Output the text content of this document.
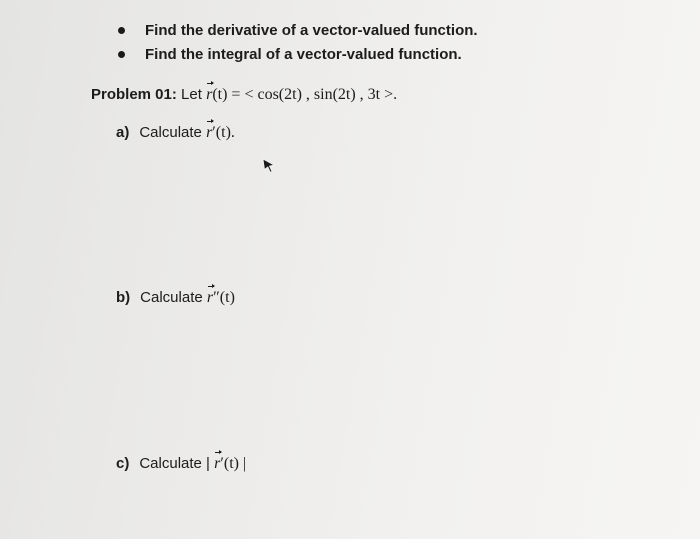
Find the derivative of a vector-valued function.
Find the integral of a vector-valued function.
Problem 01: Let r(t) = < cos(2t) , sin(2t) , 3t >.
a) Calculate r′(t).
b) Calculate r″(t)
c) Calculate | r′(t) |
